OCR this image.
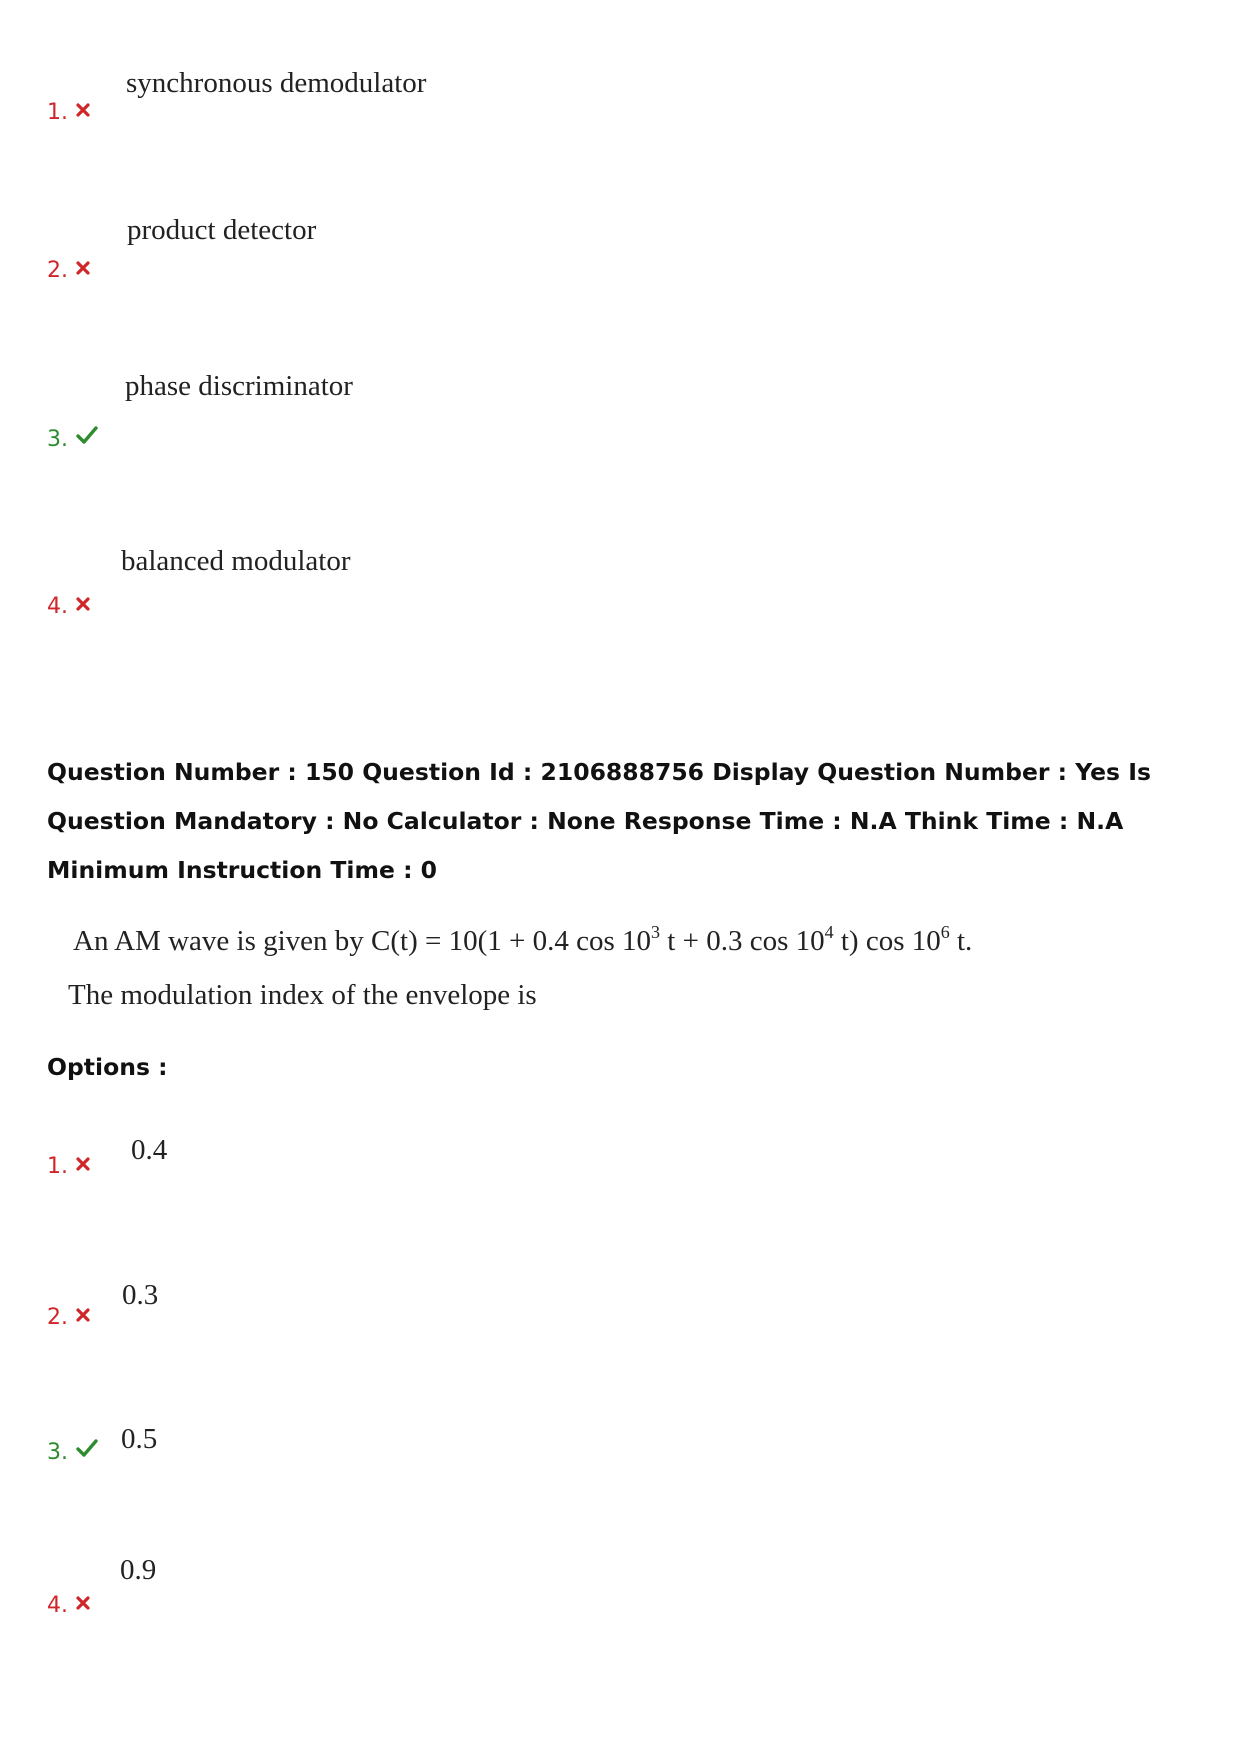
1.
synchronous demodulator
2.
product detector
3.
phase discriminator
4.
balanced modulator
Question Number : 150 Question Id : 2106888756 Display Question Number : Yes Is Question Mandatory : No Calculator : None Response Time : N.A Think Time : N.A Minimum Instruction Time : 0
An AM wave is given by C(t) = 10(1 + 0.4 $\cos 10^3$ t + 0.3 $\cos 10^4$ t) $\cos 10^6$ t.
The modulation index of the envelope is
Options :
1.
0.4
2.
0.3
3.	0.5
4.
0.9
